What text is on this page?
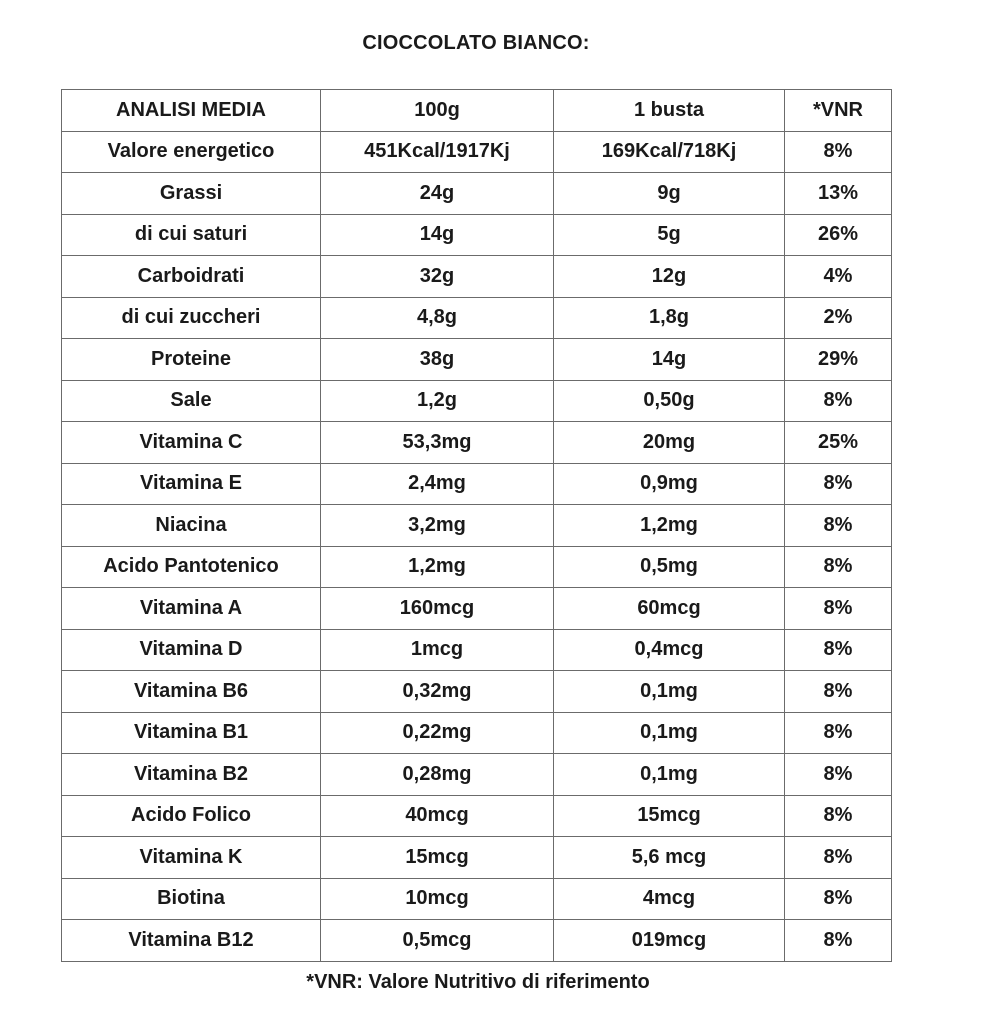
CIOCCOLATO BIANCO:
ANALISI MEDIA	100g	1 busta	*VNR
Valore energetico	451Kcal/1917Kj	169Kcal/718Kj	8%
Grassi	24g	9g	13%
di cui saturi	14g	5g	26%
Carboidrati	32g	12g	4%
di cui zuccheri	4,8g	1,8g	2%
Proteine	38g	14g	29%
Sale	1,2g	0,50g	8%
Vitamina C	53,3mg	20mg	25%
Vitamina E	2,4mg	0,9mg	8%
Niacina	3,2mg	1,2mg	8%
Acido Pantotenico	1,2mg	0,5mg	8%
Vitamina A	160mcg	60mcg	8%
Vitamina D	1mcg	0,4mcg	8%
Vitamina B6	0,32mg	0,1mg	8%
Vitamina B1	0,22mg	0,1mg	8%
Vitamina B2	0,28mg	0,1mg	8%
Acido Folico	40mcg	15mcg	8%
Vitamina K	15mcg	5,6 mcg	8%
Biotina	10mcg	4mcg	8%
Vitamina B12	0,5mcg	019mcg	8%
*VNR: Valore Nutritivo di riferimento
